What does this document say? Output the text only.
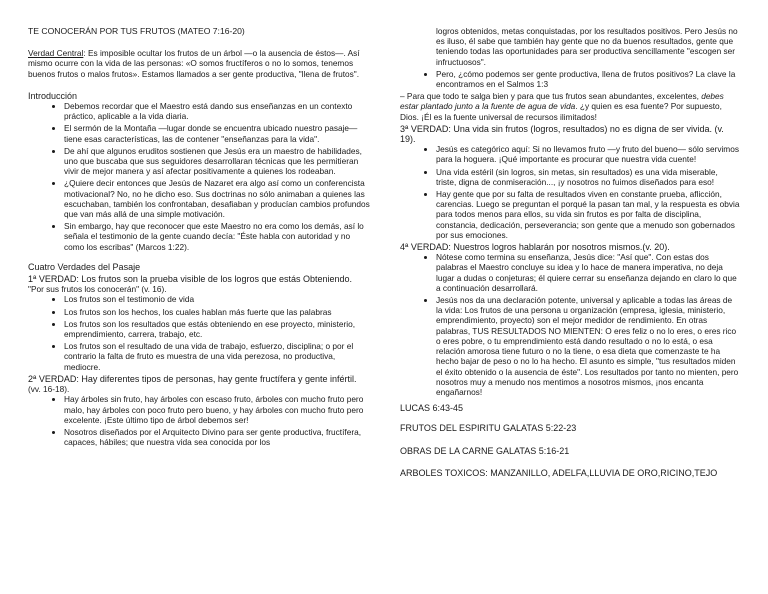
TE CONOCERÁN POR TUS FRUTOS (MATEO 7:16-20)

Verdad Central: Es imposible ocultar los frutos de un árbol —o la ausencia de éstos—. Así mismo ocurre con la vida de las personas: «O somos fructíferos o no lo somos, tenemos buenos frutos o malos frutos». Estamos llamados a ser gente productiva, "llena de frutos".

Introducción

• Debemos recordar que el Maestro está dando sus enseñanzas en un contexto práctico, aplicable a la vida diaria.
• El sermón de la Montaña —lugar donde se encuentra ubicado nuestro pasaje— tiene esas características, las de contener "enseñanzas para la vida".
• De ahí que algunos eruditos sostienen que Jesús era un maestro de habilidades, uno que buscaba que sus seguidores desarrollaran técnicas que les permitieran vivir de mejor manera y así afectar positivamente a quienes los rodeaban.
• ¿Quiere decir entonces que Jesús de Nazaret era algo así como un conferencista motivacional? No, no he dicho eso. Sus doctrinas no sólo animaban a quienes las escuchaban, también los confrontaban, desafiaban y producían cambios profundos que van más allá de una simple motivación.
• Sin embargo, hay que reconocer que este Maestro no era como los demás, así lo señala el testimonio de la gente cuando decía: "Éste habla con autoridad y no como los escribas" (Marcos 1:22).

Cuatro Verdades del Pasaje

1ª VERDAD: Los frutos son la prueba visible de los logros que estás Obteniendo.

"Por sus frutos los conocerán" (v. 16).

• Los frutos son el testimonio de vida
• Los frutos son los hechos, los cuales hablan más fuerte que las palabras
• Los frutos son los resultados que estás obteniendo en ese proyecto, ministerio, emprendimiento, carrera, trabajo, etc.
• Los frutos son el resultado de una vida de trabajo, esfuerzo, disciplina; o por el contrario la falta de fruto es muestra de una vida perezosa, no productiva, mediocre.

2ª VERDAD: Hay diferentes tipos de personas, hay gente fructífera y gente infértil.

(vv. 16-18).

• Hay árboles sin fruto, hay árboles con escaso fruto, árboles con mucho fruto pero malo, hay árboles con poco fruto pero bueno, y hay árboles con mucho fruto pero excelente. ¡Este último tipo de árbol debemos ser!
• Nosotros diseñados por el Arquitecto Divino para ser gente productiva, fructífera, capaces, hábiles; que nuestra vida sea conocida por los
logros obtenidos, metas conquistadas, por los resultados positivos. Pero Jesús no es iluso, él sabe que también hay gente que no da buenos resultados, gente que teniendo todas las oportunidades para ser productiva sencillamente "escogen ser infructuosos".
• Pero, ¿cómo podemos ser gente productiva, llena de frutos positivos? La clave la encontramos en el Salmos 1:3

– Para que todo te salga bien y para que tus frutos sean abundantes, excelentes, debes estar plantado junto a la fuente de agua de vida. ¿y quien es esa fuente? Por supuesto, Dios. ¡Él es la fuente universal de recursos ilimitados!

3ª VERDAD: Una vida sin frutos (logros, resultados) no es digna de ser vivida. (v. 19).

• Jesús es categórico aquí: Si no llevamos fruto —y fruto del bueno— sólo servimos para la hoguera. ¡Qué importante es procurar que nuestra vida cuente!
• Una vida estéril (sin logros, sin metas, sin resultados) es una vida miserable, triste, digna de conmiseración..., ¡y nosotros no fuimos diseñados para eso!
• Hay gente que por su falta de resultados viven en constante prueba, aflicción, carencias. Luego se preguntan el porqué la pasan tan mal, y la respuesta es obvia para todos menos para ellos, su vida sin frutos es por falta de disciplina, constancia, dedicación, perseverancia; son gente que a menudo son gobernados por sus emociones.

4ª VERDAD: Nuestros logros hablarán por nosotros mismos.(v. 20).

• Nótese como termina su enseñanza, Jesús dice: "Así que". Con estas dos palabras el Maestro concluye su idea y lo hace de manera imperativa, no deja lugar a dudas o conjeturas; él quiere cerrar su enseñanza dejando en claro lo que a continuación desarrollará.
• Jesús nos da una declaración potente, universal y aplicable a todas las áreas de la vida: Los frutos de una persona u organización (empresa, iglesia, ministerio, emprendimiento, proyecto) son el mejor medidor de rendimiento. En otras palabras, TUS RESULTADOS NO MIENTEN: O eres feliz o no lo eres, o eres rico o eres pobre, o tu emprendimiento está dando resultado o no lo está, o esa relación amorosa tiene futuro o no la tiene, o esa dieta que comenzaste te ha hecho bajar de peso o no lo ha hecho. El asunto es simple, "tus resultados miden el éxito obtenido o la ausencia de éste". Los resultados por tanto no mienten, pero nosotros muy a menudo nos mentimos a nosotros mismos, ¡nos encanta engañarnos!

LUCAS 6:43-45

FRUTOS DEL ESPIRITU GALATAS 5:22-23

OBRAS DE LA CARNE GALATAS 5:16-21

ARBOLES TOXICOS: MANZANILLO, ADELFA,LLUVIA DE ORO,RICINO,TEJO
